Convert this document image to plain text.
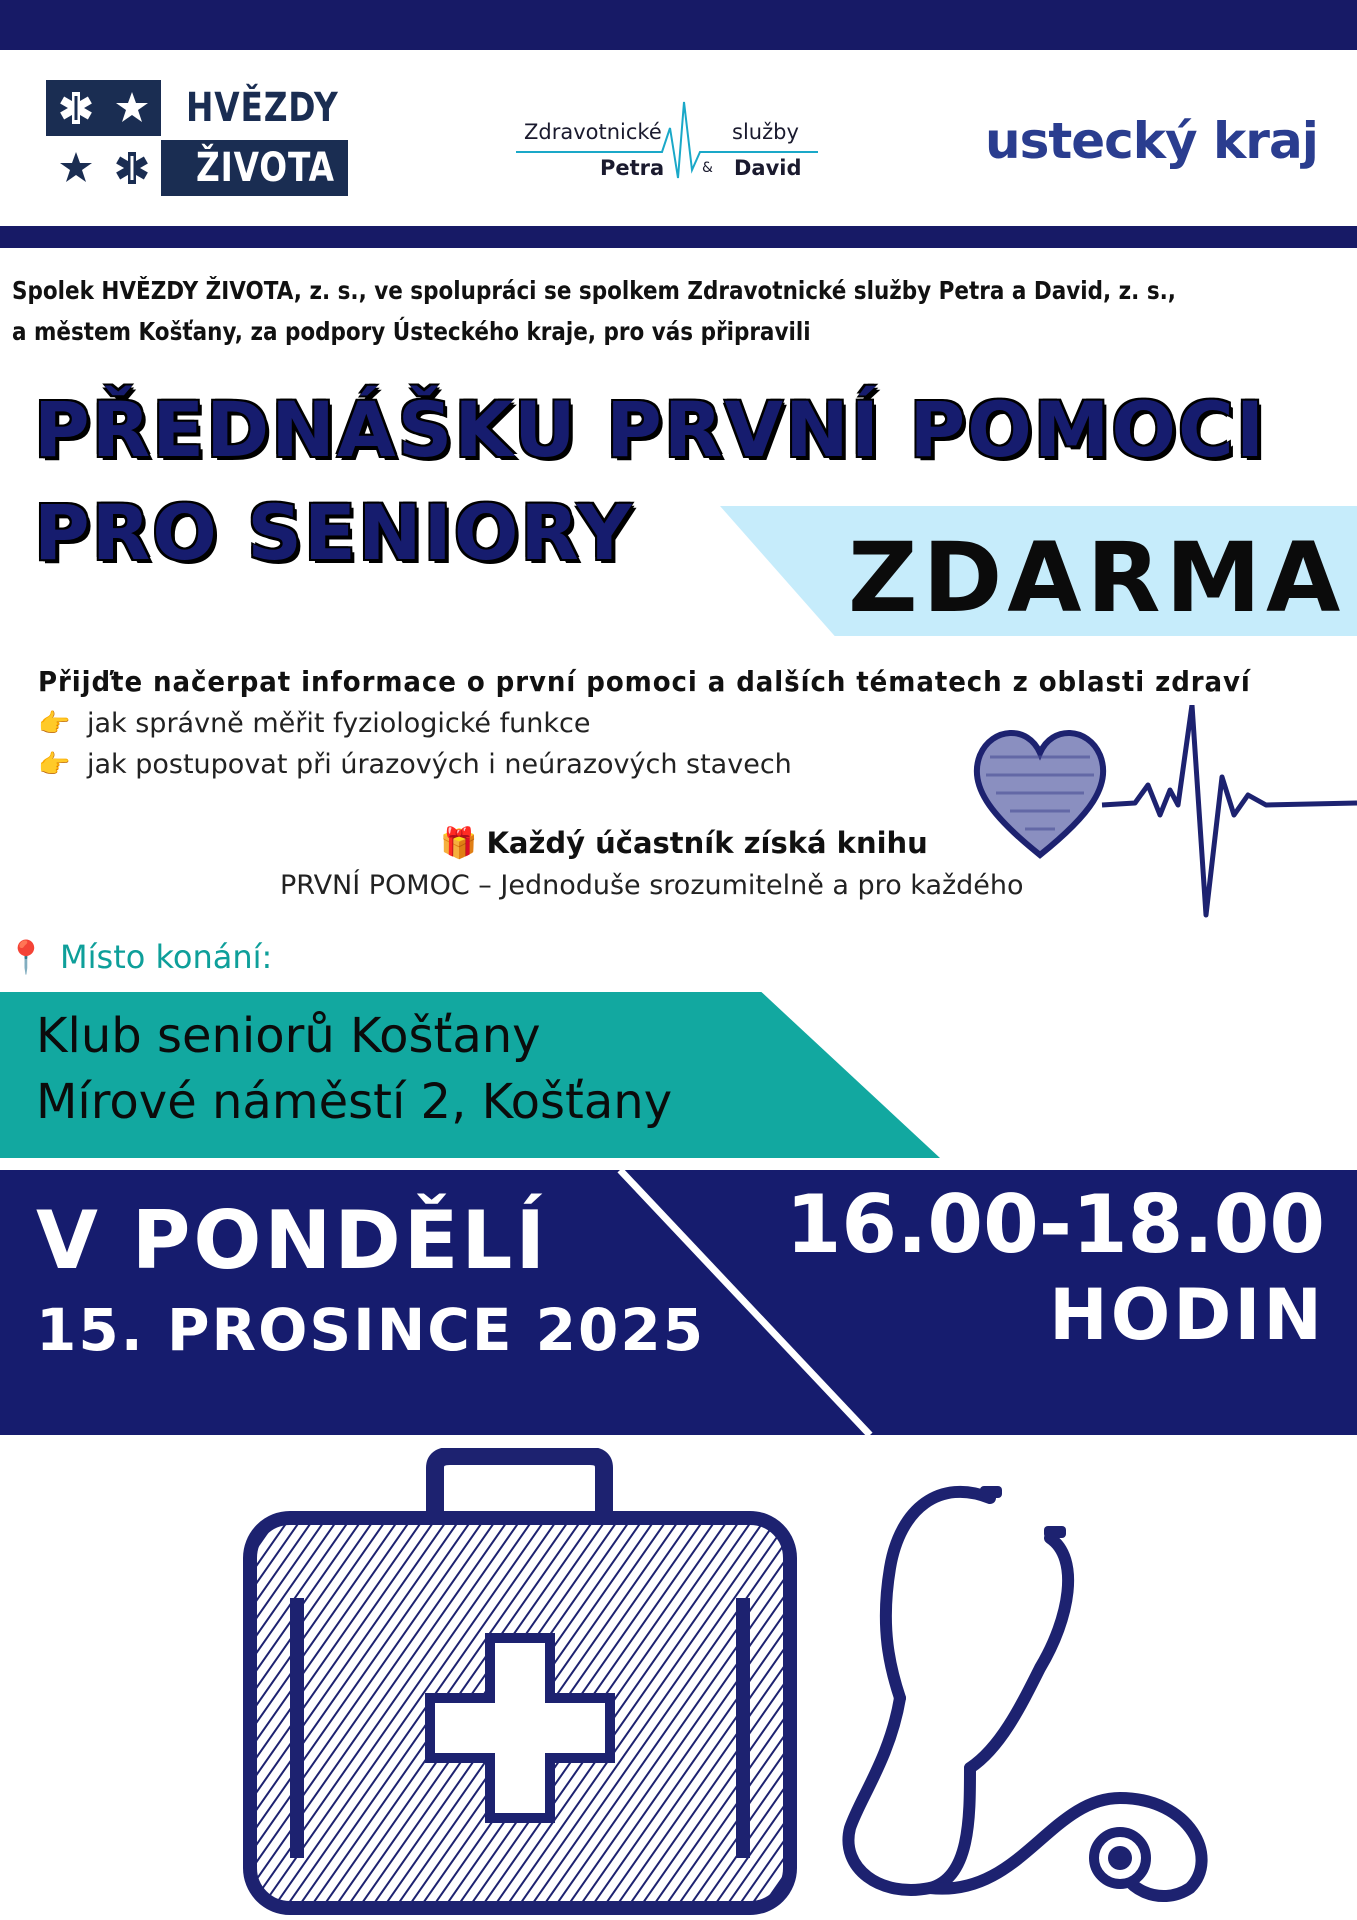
HVĚZDY
ŽIVOTA
Zdravotnické	služby
Petra	& David	ustecký kraj
Spolek HVĚZDY ŽIVOTA, z. s., ve spolupráci se spolkem Zdravotnické služby Petra a David, z. s.,
a městem Košťany, za podpory Ústeckého kraje, pro vás připravili
PŘEDNÁŠKU PRVNÍ POMOCI
PRO SENIORY ZDARMA
Přijďte načerpat informace o první pomoci a dalších tématech z oblasti zdraví
👉 jak správně měřit fyziologické funkce
👉 jak postupovat při úrazových i neúrazových stavech
🎁 Každý účastník získá knihu
PRVNÍ POMOC – Jednoduše srozumitelně a pro každého
📍 Místo konání:
Klub seniorů Košťany
Mírové náměstí 2, Košťany
V PONDĚLÍ
15. PROSINCE 2025
16.00-18.00
HODIN
